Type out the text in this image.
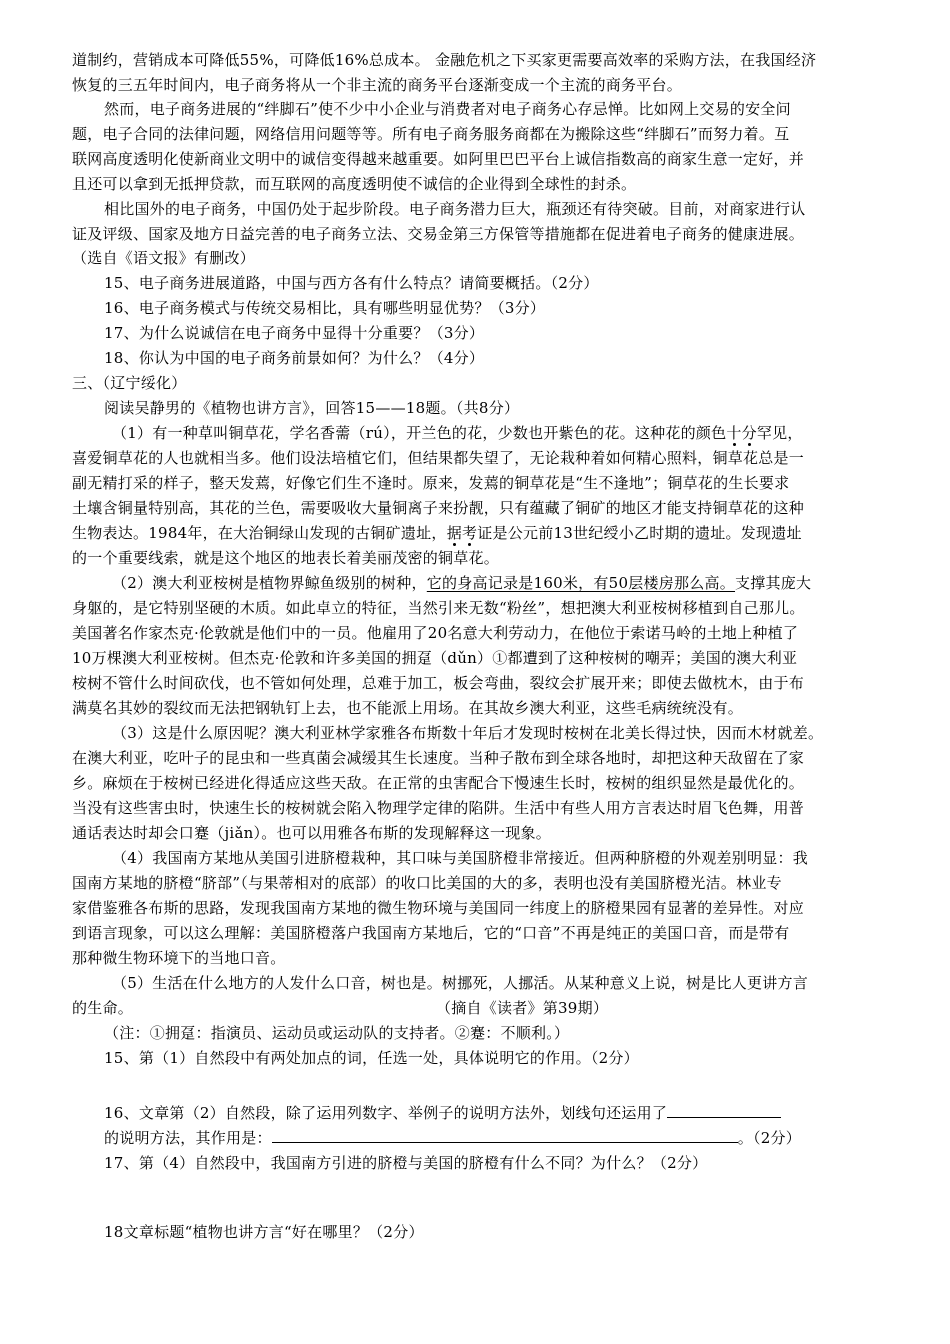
道制约，营销成本可降低55%，可降低16%总成本。 金融危机之下买家更需要高效率的采购方法，在我国经济
恢复的三五年时间内，电子商务将从一个非主流的商务平台逐渐变成一个主流的商务平台。
然而，电子商务进展的“绊脚石”使不少中小企业与消费者对电子商务心存忌惮。比如网上交易的安全问
题，电子合同的法律问题，网络信用问题等等。所有电子商务服务商都在为搬除这些“绊脚石”而努力着。互
联网高度透明化使新商业文明中的诚信变得越来越重要。如阿里巴巴平台上诚信指数高的商家生意一定好，并
且还可以拿到无抵押贷款，而互联网的高度透明使不诚信的企业得到全球性的封杀。
相比国外的电子商务，中国仍处于起步阶段。电子商务潜力巨大，瓶颈还有待突破。目前，对商家进行认
证及评级、国家及地方日益完善的电子商务立法、交易金第三方保管等措施都在促进着电子商务的健康进展。
（选自《语文报》有删改）
15、电子商务进展道路，中国与西方各有什么特点？请简要概括。（2分）
16、电子商务模式与传统交易相比，具有哪些明显优势？（3分）
17、为什么说诚信在电子商务中显得十分重要？（3分）
18、你认为中国的电子商务前景如何？为什么？（4分）
三、（辽宁绥化）
阅读吴静男的《植物也讲方言》，回答15——18题。（共8分）
（1）有一种草叫铜草花，学名香薷（rú），开兰色的花，少数也开紫色的花。这种花的颜色十分罕见，
喜爱铜草花的人也就相当多。他们设法培植它们，但结果都失望了，无论栽种着如何精心照料，铜草花总是一
副无精打采的样子，整天发蔫，好像它们生不逢时。原来，发蔫的铜草花是“生不逢地”；铜草花的生长要求
土壤含铜量特别高，其花的兰色，需要吸收大量铜离子来扮靓，只有蕴藏了铜矿的地区才能支持铜草花的这种
生物表达。1984年，在大治铜绿山发现的古铜矿遗址，据考证是公元前13世纪绶小乙时期的遗址。发现遗址
的一个重要线索，就是这个地区的地表长着美丽茂密的铜草花。
（2）澳大利亚桉树是植物界鲸鱼级别的树种，它的身高记录是160米，有50层楼房那么高。支撑其庞大
身躯的，是它特别坚硬的木质。如此卓立的特征，当然引来无数“粉丝”，想把澳大利亚桉树移植到自己那儿。
美国著名作家杰克·伦敦就是他们中的一员。他雇用了20名意大利劳动力，在他位于索诺马岭的土地上种植了
10万棵澳大利亚桉树。但杰克·伦敦和许多美国的拥趸（dǔn）①都遭到了这种桉树的嘲弄；美国的澳大利亚
桉树不管什么时间砍伐，也不管如何处理，总难于加工，板会弯曲，裂纹会扩展开来；即使去做枕木，由于布
满莫名其妙的裂纹而无法把钢轨钉上去，也不能派上用场。在其故乡澳大利亚，这些毛病统统没有。
（3）这是什么原因呢？澳大利亚林学家雅各布斯数十年后才发现时桉树在北美长得过快，因而木材就差。
在澳大利亚，吃叶子的昆虫和一些真菌会减缓其生长速度。当种子散布到全球各地时，却把这种天敌留在了家
乡。麻烦在于桉树已经进化得适应这些天敌。在正常的虫害配合下慢速生长时，桉树的组织显然是最优化的。
当没有这些害虫时，快速生长的桉树就会陷入物理学定律的陷阱。生活中有些人用方言表达时眉飞色舞，用普
通话表达时却会口蹇（jiǎn）。也可以用雅各布斯的发现解释这一现象。
（4）我国南方某地从美国引进脐橙栽种，其口味与美国脐橙非常接近。但两种脐橙的外观差别明显：我
国南方某地的脐橙“脐部”（与果蒂相对的底部）的收口比美国的大的多，表明也没有美国脐橙光洁。林业专
家借鉴雅各布斯的思路，发现我国南方某地的微生物环境与美国同一纬度上的脐橙果园有显著的差异性。对应
到语言现象，可以这么理解：美国脐橙落户我国南方某地后，它的“口音”不再是纯正的美国口音，而是带有
那种微生物环境下的当地口音。
（5）生活在什么地方的人发什么口音，树也是。树挪死，人挪活。从某种意义上说，树是比人更讲方言
的生命。	（摘自《读者》第39期）
（注：①拥趸：指演员、运动员或运动队的支持者。②蹇：不顺利。）
15、第（1）自然段中有两处加点的词，任选一处，具体说明它的作用。（2分）
16、文章第（2）自然段，除了运用列数字、举例子的说明方法外，划线句还运用了
的说明方法，其作用是：	。（2分）
17、第（4）自然段中，我国南方引进的脐橙与美国的脐橙有什么不同？为什么？（2分）
18文章标题“植物也讲方言“好在哪里？（2分）
